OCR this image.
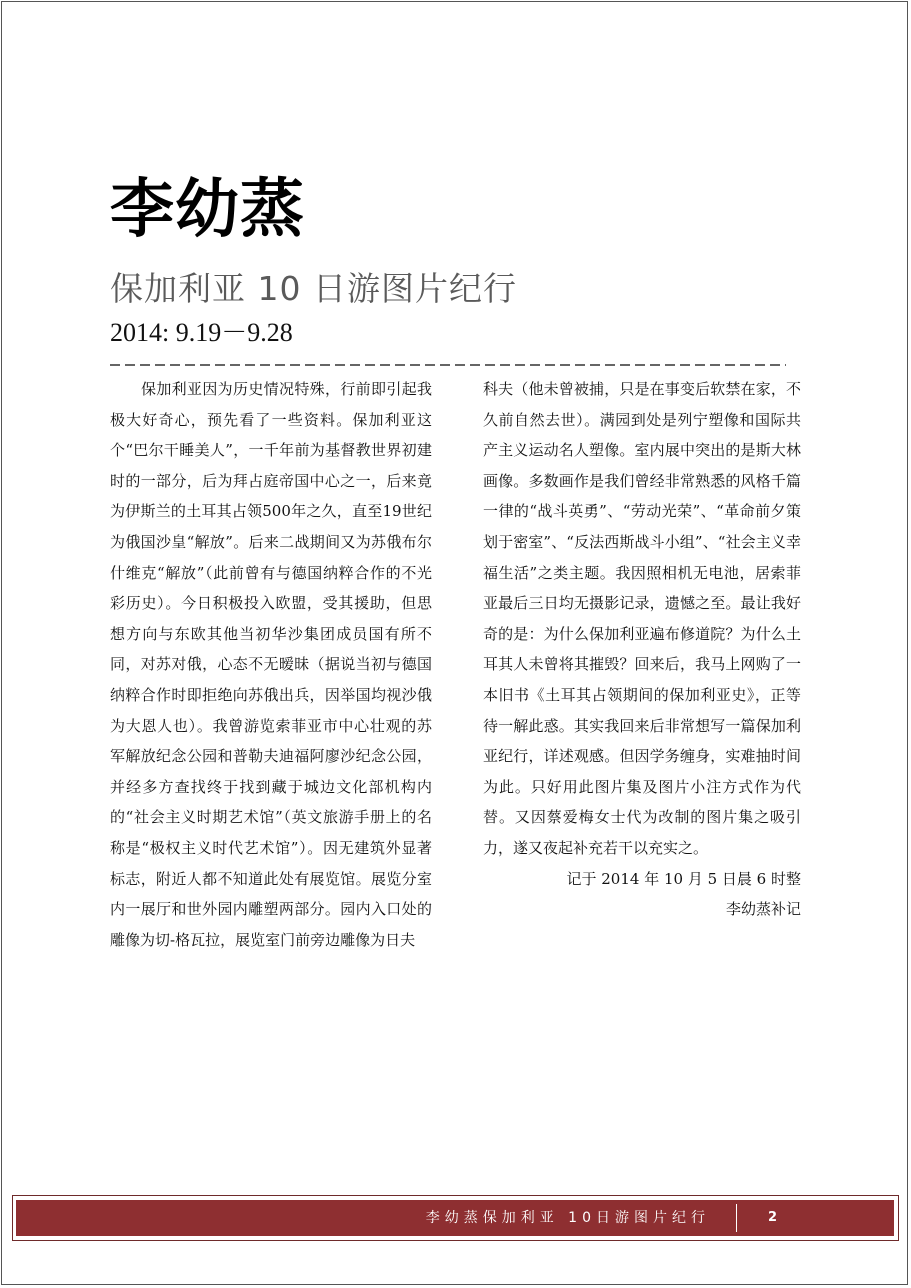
李幼蒸
保加利亚 10 日游图片纪行
2014: 9.19－9.28

保加利亚因为历史情况特殊，行前即引起我极大好奇心，预先看了一些资料。保加利亚这个“巴尔干睡美人”，一千年前为基督教世界初建时的一部分，后为拜占庭帝国中心之一，后来竟为伊斯兰的土耳其占领500年之久，直至19世纪为俄国沙皇“解放”。后来二战期间又为苏俄布尔什维克“解放”（此前曾有与德国纳粹合作的不光彩历史）。今日积极投入欧盟，受其援助，但思想方向与东欧其他当初华沙集团成员国有所不同，对苏对俄，心态不无暧昧（据说当初与德国纳粹合作时即拒绝向苏俄出兵，因举国均视沙俄为大恩人也）。我曾游览索菲亚市中心壮观的苏军解放纪念公园和普勒夫迪福阿廖沙纪念公园，并经多方查找终于找到藏于城边文化部机构内的“社会主义时期艺术馆”（英文旅游手册上的名称是“极权主义时代艺术馆”）。因无建筑外显著标志，附近人都不知道此处有展览馆。展览分室内一展厅和世外园内雕塑两部分。园内入口处的雕像为切-格瓦拉，展览室门前旁边雕像为日夫

科夫（他未曾被捕，只是在事变后软禁在家，不久前自然去世）。满园到处是列宁塑像和国际共产主义运动名人塑像。室内展中突出的是斯大林画像。多数画作是我们曾经非常熟悉的风格千篇一律的“战斗英勇”、“劳动光荣”、“革命前夕策划于密室”、“反法西斯战斗小组”、“社会主义幸福生活”之类主题。我因照相机无电池，居索菲亚最后三日均无摄影记录，遗憾之至。最让我好奇的是：为什么保加利亚遍布修道院？为什么土耳其人未曾将其摧毁？回来后，我马上网购了一本旧书《土耳其占领期间的保加利亚史》，正等待一解此惑。其实我回来后非常想写一篇保加利亚纪行，详述观感。但因学务缠身，实难抽时间为此。只好用此图片集及图片小注方式作为代替。又因蔡爱梅女士代为改制的图片集之吸引力，遂又夜起补充若干以充实之。

记于 2014 年 10 月 5 日晨 6 时整

李幼蒸补记

李幼蒸保加利亚 10日游图片纪行	2
